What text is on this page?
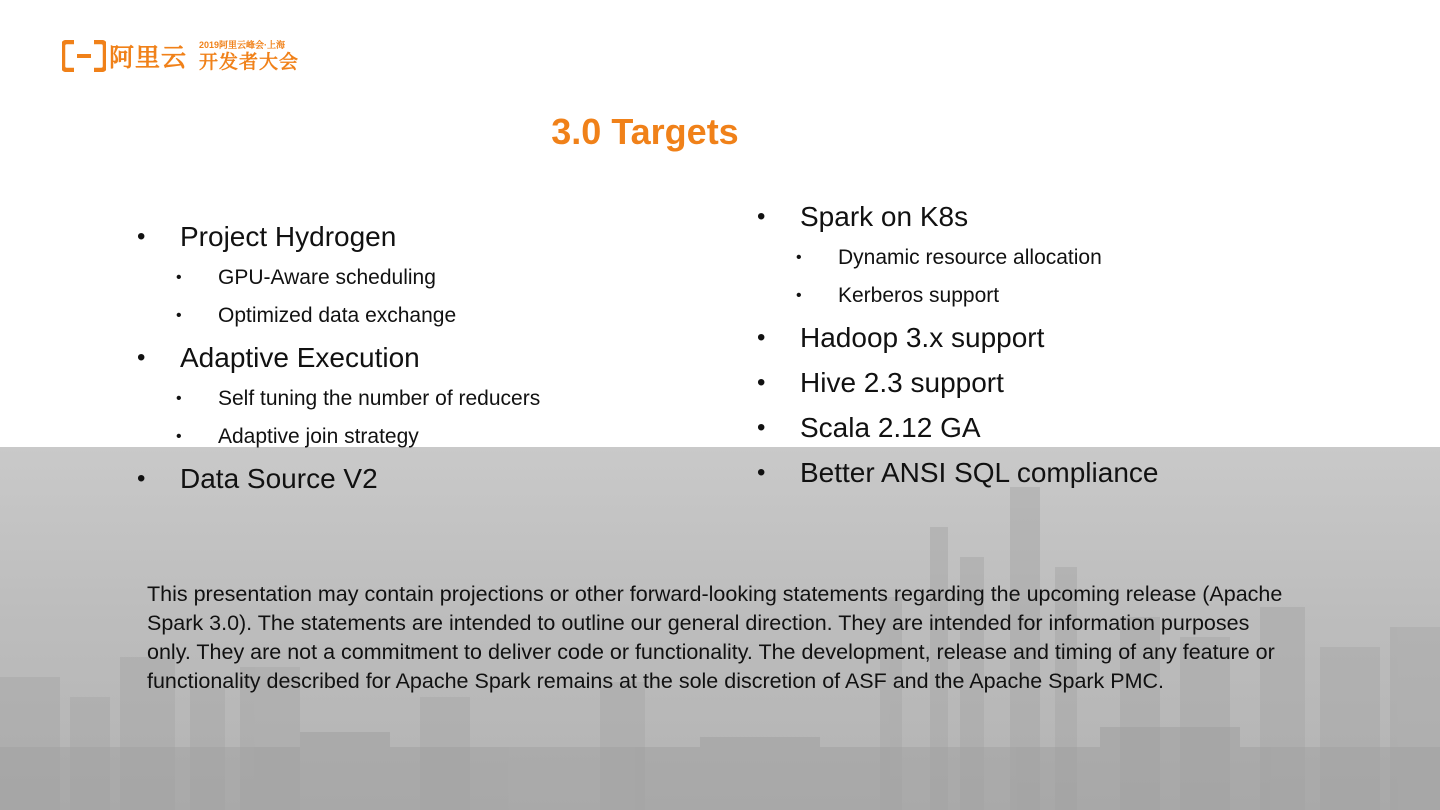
阿里云 2019阿里云峰会·上海
开发者大会
3.0 Targets
• Project Hydrogen
• GPU-Aware scheduling
• Optimized data exchange
• Adaptive Execution
• Self tuning the number of reducers
• Adaptive join strategy
• Data Source V2
• Spark on K8s
• Dynamic resource allocation
• Kerberos support
• Hadoop 3.x support
• Hive 2.3 support
• Scala 2.12 GA
• Better ANSI SQL compliance
This presentation may contain projections or other forward-looking statements regarding the upcoming release (Apache Spark 3.0). The statements are intended to outline our general direction. They are intended for information purposes only. They are not a commitment to deliver code or functionality. The development, release and timing of any feature or functionality described for Apache Spark remains at the sole discretion of ASF and the Apache Spark PMC.
